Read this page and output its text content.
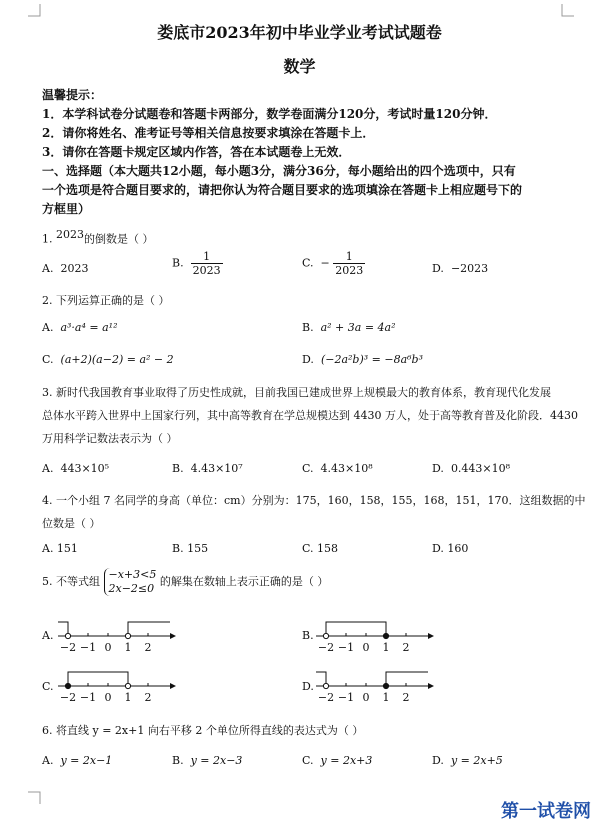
娄底市2023年初中毕业学业考试试题卷
数学
温馨提示：
1．本学科试卷分试题卷和答题卡两部分，数学卷面满分120分，考试时量120分钟．
2．请你将姓名、准考证号等相关信息按要求填涂在答题卡上．
3．请你在答题卡规定区域内作答，答在本试题卷上无效．
一、选择题（本大题共12小题，每小题3分，满分36分，每小题给出的四个选项中，只有
一个选项是符合题目要求的，请把你认为符合题目要求的选项填涂在答题卡上相应题号下的
方框里）
1. 2023的倒数是（ ）
A. 2023	B. $\frac{1}{2023}$	C. − $\frac{1}{2023}$	D. −2023
2. 下列运算正确的是（ ）
A. a³·a⁴ = a¹²	B. a² + 3a = 4a²
C. (a+2)(a−2) = a² − 2	D. (−2a²b)³ = −8a⁶b³
3. 新时代我国教育事业取得了历史性成就，目前我国已建成世界上规模最大的教育体系，教育现代化发展
总体水平跨入世界中上国家行列，其中高等教育在学总规模达到 4430 万人，处于高等教育普及化阶段．4430
万用科学记数法表示为（ ）
A. 443×10⁵	B. 4.43×10⁷	C. 4.43×10⁸	D. 0.443×10⁸
4. 一个小组 7 名同学的身高（单位：cm）分别为：175，160，158，155，168，151，170．这组数据的中
位数是（ ）
A. 151	B. 155	C. 158	D. 160
5. 不等式组
−x+3<5
2x−2≤0
的解集在数轴上表示正确的是（ ）
A.
−2 −1 0 1 2
B.
−2 −1 0 1 2
C.
−2 −1 0 1 2
D.
−2 −1 0 1 2
6. 将直线 y = 2x+1 向右平移 2 个单位所得直线的表达式为（ ）
A. y = 2x−1	B. y = 2x−3	C. y = 2x+3	D. y = 2x+5
第一试卷网
